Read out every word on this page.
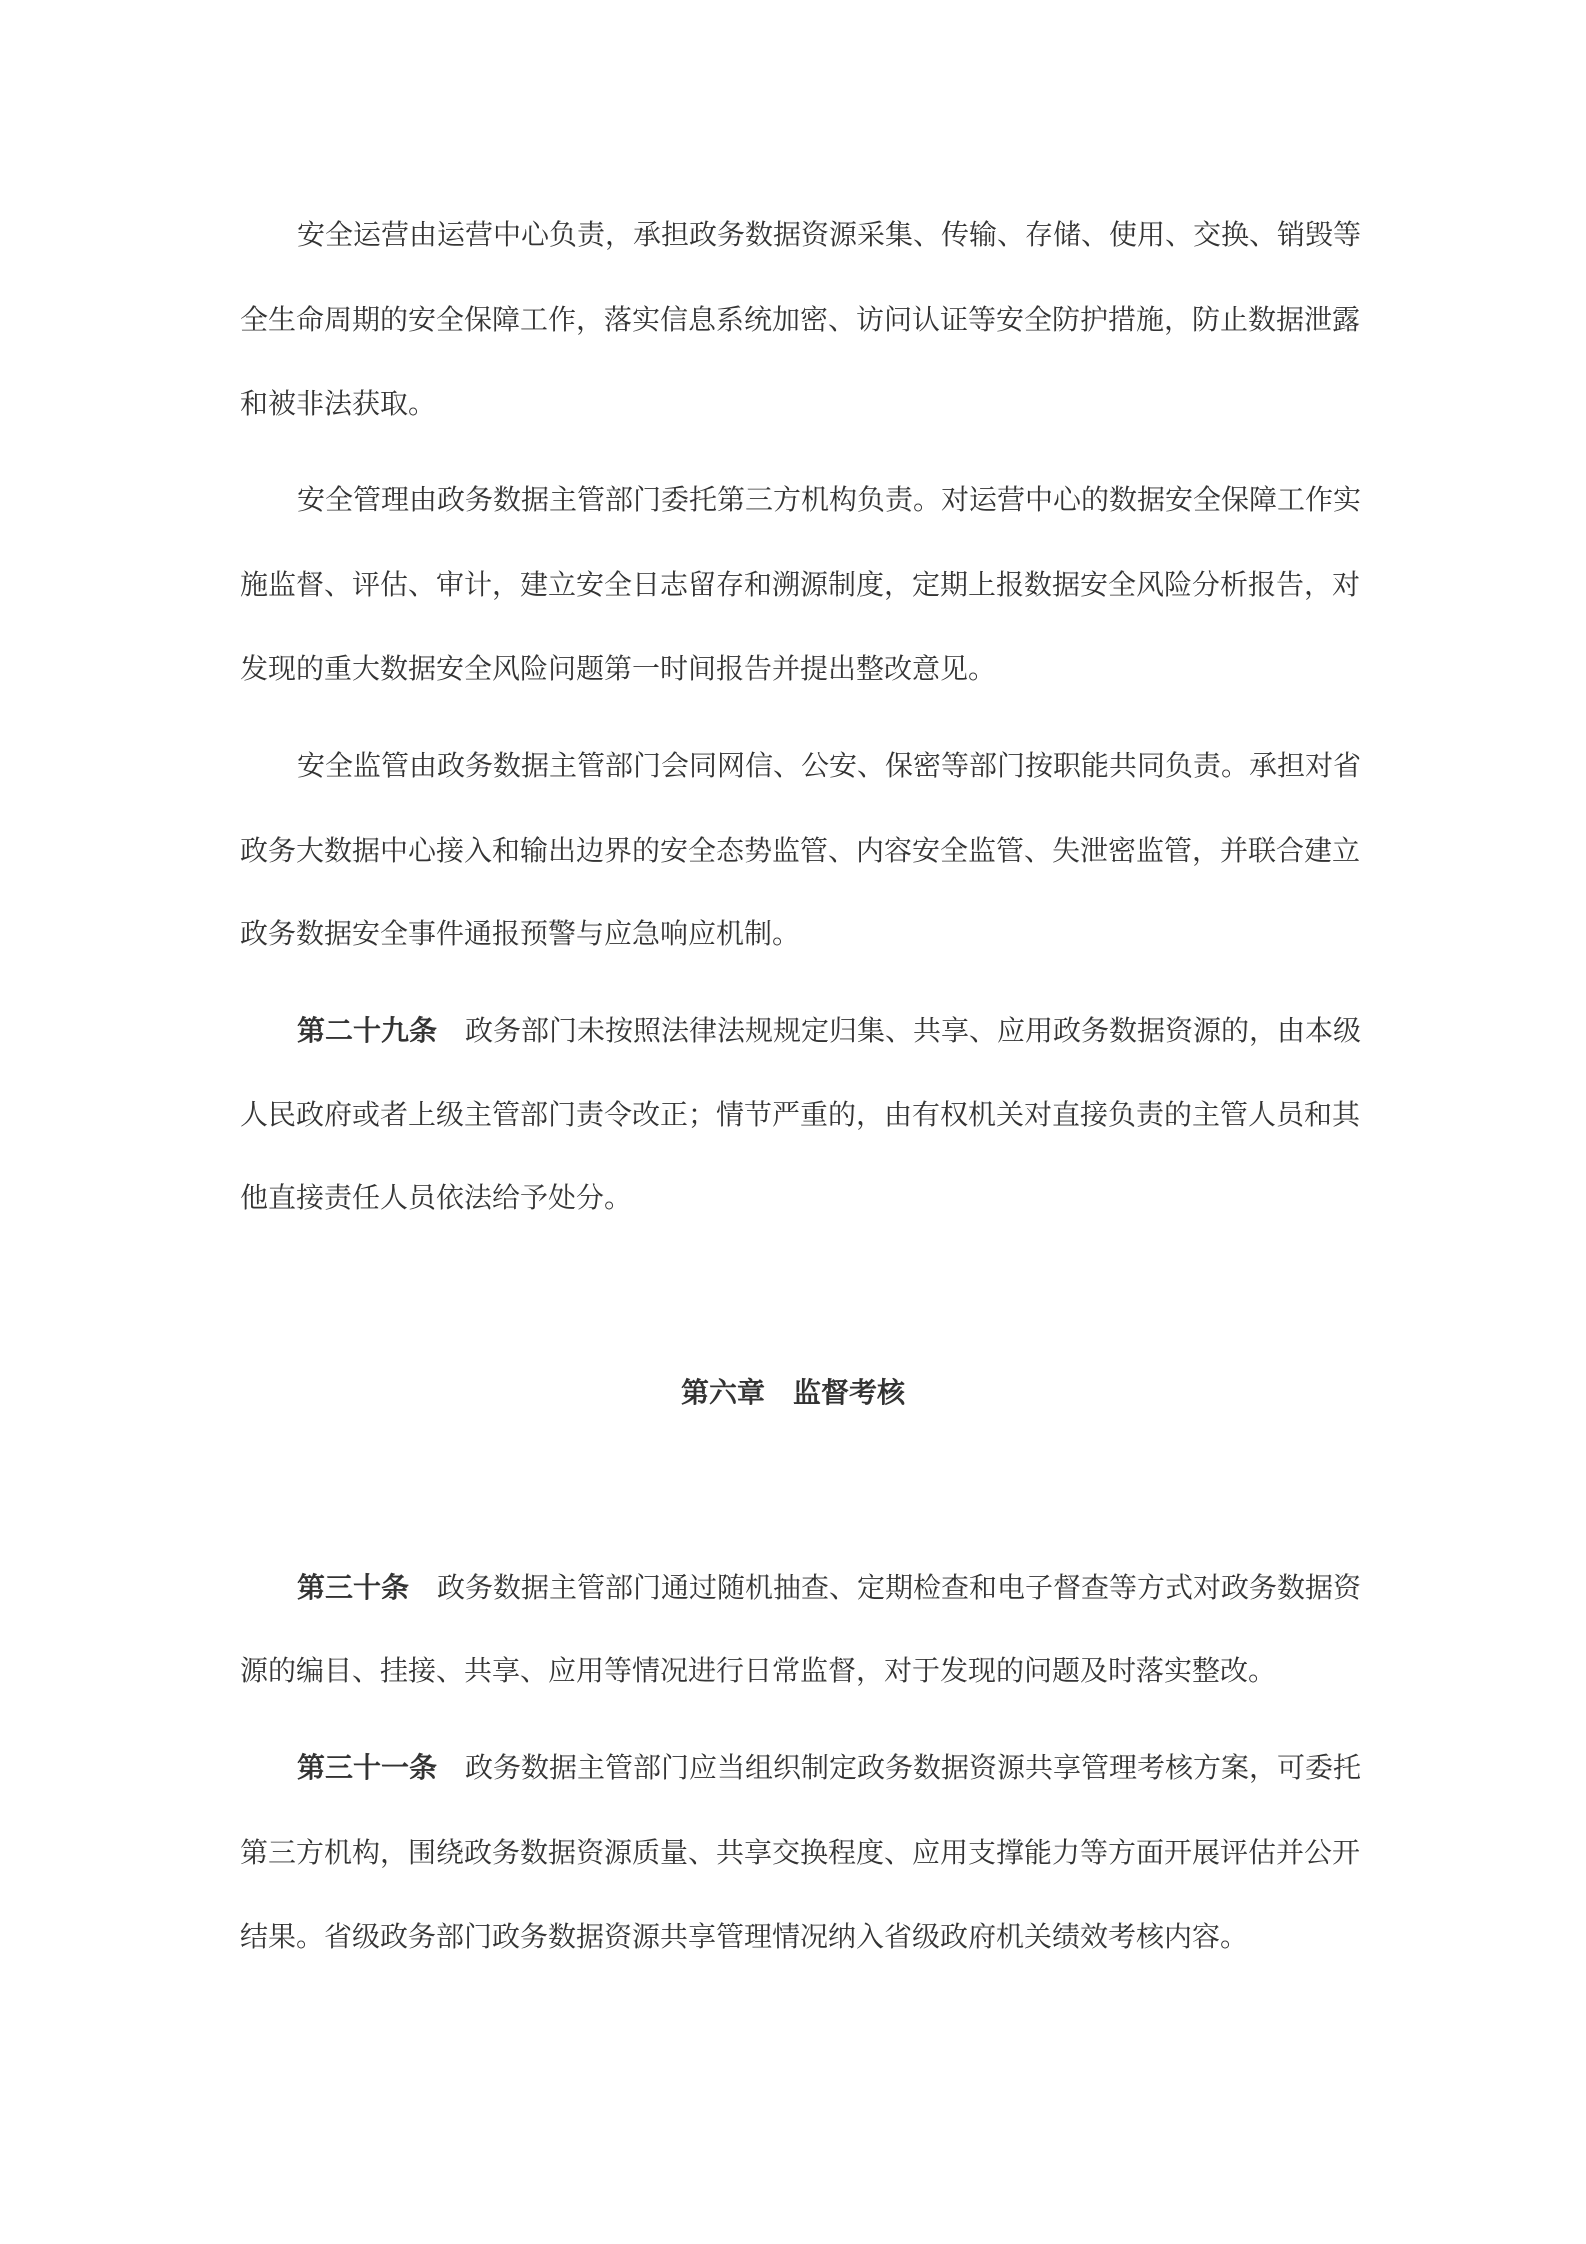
第六章 监督考核
安全运营由运营中心负责，承担政务数据资源采集、传输、存储、使用、交换、销毁等
全生命周期的安全保障工作，落实信息系统加密、访问认证等安全防护措施，防止数据泄露
和被非法获取。
安全管理由政务数据主管部门委托第三方机构负责。对运营中心的数据安全保障工作实
施监督、评估、审计，建立安全日志留存和溯源制度，定期上报数据安全风险分析报告，对
发现的重大数据安全风险问题第一时间报告并提出整改意见。
安全监管由政务数据主管部门会同网信、公安、保密等部门按职能共同负责。承担对省
政务大数据中心接入和输出边界的安全态势监管、内容安全监管、失泄密监管，并联合建立
政务数据安全事件通报预警与应急响应机制。
第二十九条 政务部门未按照法律法规规定归集、共享、应用政务数据资源的，由本级
人民政府或者上级主管部门责令改正；情节严重的，由有权机关对直接负责的主管人员和其
他直接责任人员依法给予处分。
第三十条 政务数据主管部门通过随机抽查、定期检查和电子督查等方式对政务数据资
源的编目、挂接、共享、应用等情况进行日常监督，对于发现的问题及时落实整改。
第三十一条 政务数据主管部门应当组织制定政务数据资源共享管理考核方案，可委托
第三方机构，围绕政务数据资源质量、共享交换程度、应用支撑能力等方面开展评估并公开
结果。省级政务部门政务数据资源共享管理情况纳入省级政府机关绩效考核内容。
